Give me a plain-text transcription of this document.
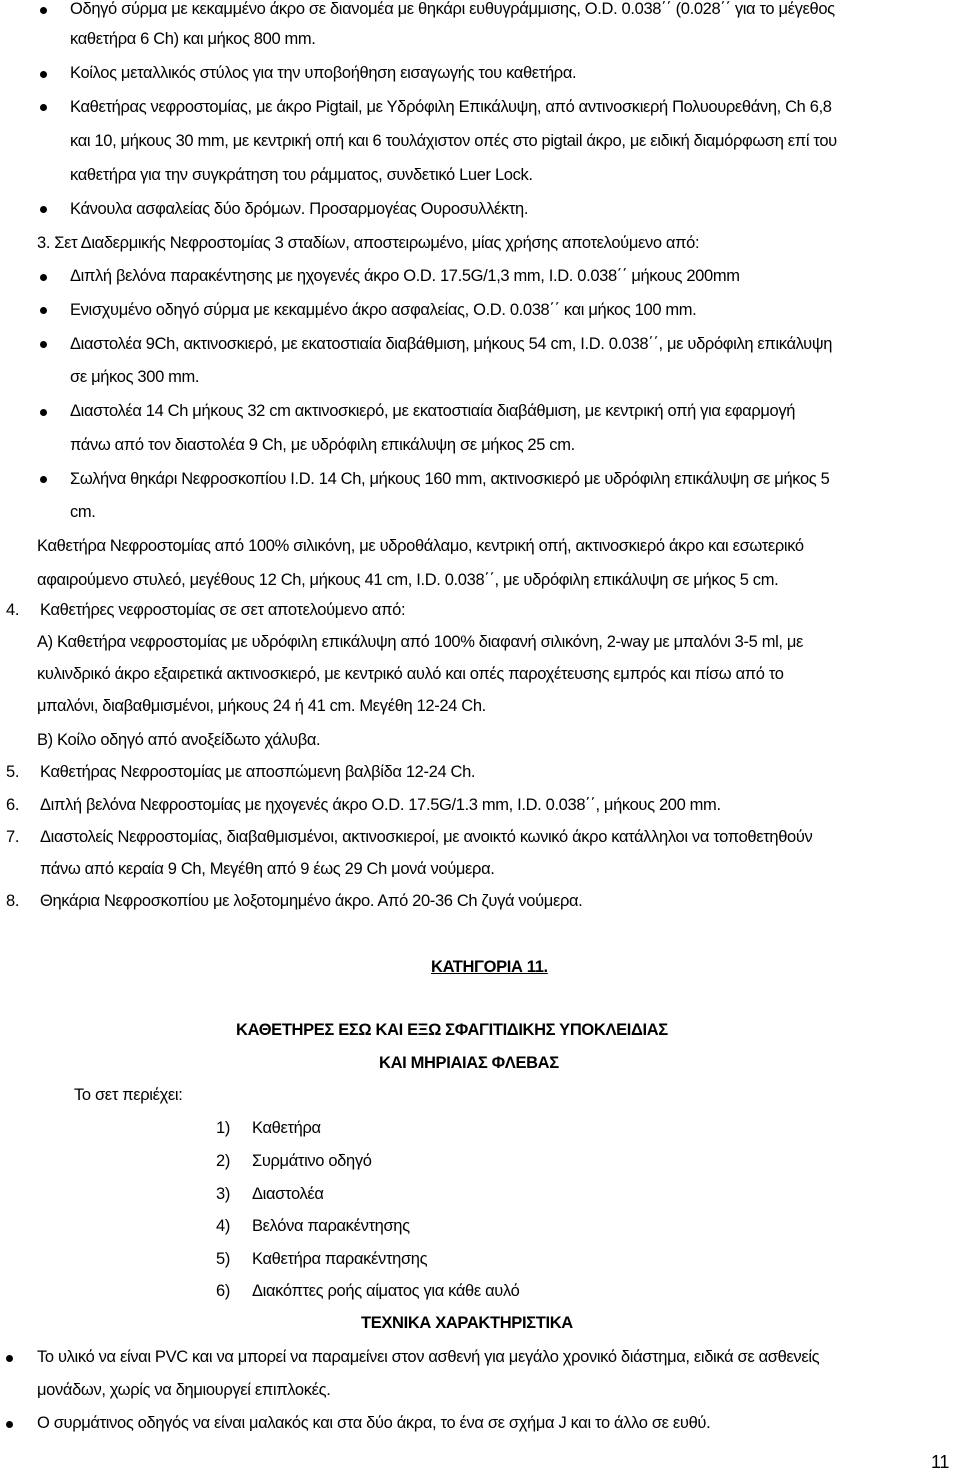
Οδηγό σύρμα με κεκαμμένο άκρο σε διανομέα με θηκάρι ευθυγράμμισης, Ο.D. 0.038΄΄ (0.028΄΄ για το μέγεθος
καθετήρα 6 Ch) και μήκος 800 mm.
Κοίλος μεταλλικός στύλος για την υποβοήθηση εισαγωγής του καθετήρα.
Καθετήρας νεφροστομίας, με άκρο Pigtail, με Υδρόφιλη Επικάλυψη, από αντινοσκιερή Πολυουρεθάνη, Ch 6,8
και 10, μήκους 30 mm, με κεντρική οπή και 6 τουλάχιστον οπές στο pigtail άκρο, με ειδική διαμόρφωση επί του
καθετήρα για την συγκράτηση του ράμματος, συνδετικό Luer Lock.
Κάνουλα ασφαλείας δύο δρόμων. Προσαρμογέας Ουροσυλλέκτη.
3. Σετ Διαδερμικής Νεφροστομίας 3 σταδίων, αποστειρωμένο, μίας χρήσης αποτελούμενο από:
Διπλή βελόνα παρακέντησης με ηχογενές άκρο O.D. 17.5G/1,3 mm, I.D. 0.038΄΄ μήκους 200mm
Ενισχυμένο οδηγό σύρμα με κεκαμμένο άκρο ασφαλείας, O.D. 0.038΄΄ και μήκος 100 mm.
Διαστολέα 9Ch, ακτινοσκιερό, με εκατοστιαία διαβάθμιση, μήκους 54 cm, I.D. 0.038΄΄, με υδρόφιλη επικάλυψη
σε μήκος 300 mm.
Διαστολέα 14 Ch μήκους 32 cm ακτινοσκιερό, με εκατοστιαία διαβάθμιση, με κεντρική οπή για εφαρμογή
πάνω από τον διαστολέα 9 Ch, με υδρόφιλη επικάλυψη σε μήκος 25 cm.
Σωλήνα θηκάρι Νεφροσκοπίου I.D. 14 Ch, μήκους 160 mm, ακτινοσκιερό με υδρόφιλη επικάλυψη σε μήκος 5
cm.
Καθετήρα Νεφροστομίας από 100% σιλικόνη, με υδροθάλαμο, κεντρική οπή, ακτινοσκιερό άκρο και εσωτερικό
αφαιρούμενο στυλεό, μεγέθους 12 Ch, μήκους 41 cm, I.D. 0.038΄΄, με υδρόφιλη επικάλυψη σε μήκος 5 cm.
4. Καθετήρες νεφροστομίας σε σετ αποτελούμενο από:
Α) Καθετήρα νεφροστομίας με υδρόφιλη επικάλυψη από 100% διαφανή σιλικόνη, 2-way με μπαλόνι 3-5 ml, με
κυλινδρικό άκρο εξαιρετικά ακτινοσκιερό, με κεντρικό αυλό και οπές παροχέτευσης εμπρός και πίσω από το
μπαλόνι, διαβαθμισμένοι, μήκους 24 ή 41 cm. Μεγέθη 12-24 Ch.
Β) Κοίλο οδηγό από ανοξείδωτο χάλυβα.
5. Καθετήρας Νεφροστομίας με αποσπώμενη βαλβίδα 12-24 Ch.
6. Διπλή βελόνα Νεφροστομίας με ηχογενές άκρο O.D. 17.5G/1.3 mm, I.D. 0.038΄΄, μήκους 200 mm.
7. Διαστολείς Νεφροστομίας, διαβαθμισμένοι, ακτινοσκιεροί, με ανοικτό κωνικό άκρο κατάλληλοι να τοποθετηθούν
πάνω από κεραία 9 Ch, Μεγέθη από 9 έως 29 Ch μονά νούμερα.
8. Θηκάρια Νεφροσκοπίου με λοξοτομημένο άκρο. Από 20-36 Ch ζυγά νούμερα.
ΚΑΤΗΓΟΡΙΑ 11.
ΚΑΘΕΤΗΡΕΣ ΕΣΩ ΚΑΙ ΕΞΩ ΣΦΑΓΙΤΙΔΙΚΗΣ ΥΠΟΚΛΕΙΔΙΑΣ
ΚΑΙ ΜΗΡΙΑΙΑΣ ΦΛΕΒΑΣ
Το σετ περιέχει:
1) Καθετήρα
2) Συρμάτινο οδηγό
3) Διαστολέα
4) Βελόνα παρακέντησης
5) Καθετήρα παρακέντησης
6) Διακόπτες ροής αίματος για κάθε αυλό
ΤΕΧΝΙΚΑ ΧΑΡΑΚΤΗΡΙΣΤΙΚΑ
Το υλικό να είναι PVC και να μπορεί να παραμείνει στον ασθενή για μεγάλο χρονικό διάστημα, ειδικά σε ασθενείς
μονάδων, χωρίς να δημιουργεί επιπλοκές.
Ο συρμάτινος οδηγός να είναι μαλακός και στα δύο άκρα, το ένα σε σχήμα J και το άλλο σε ευθύ.
11
